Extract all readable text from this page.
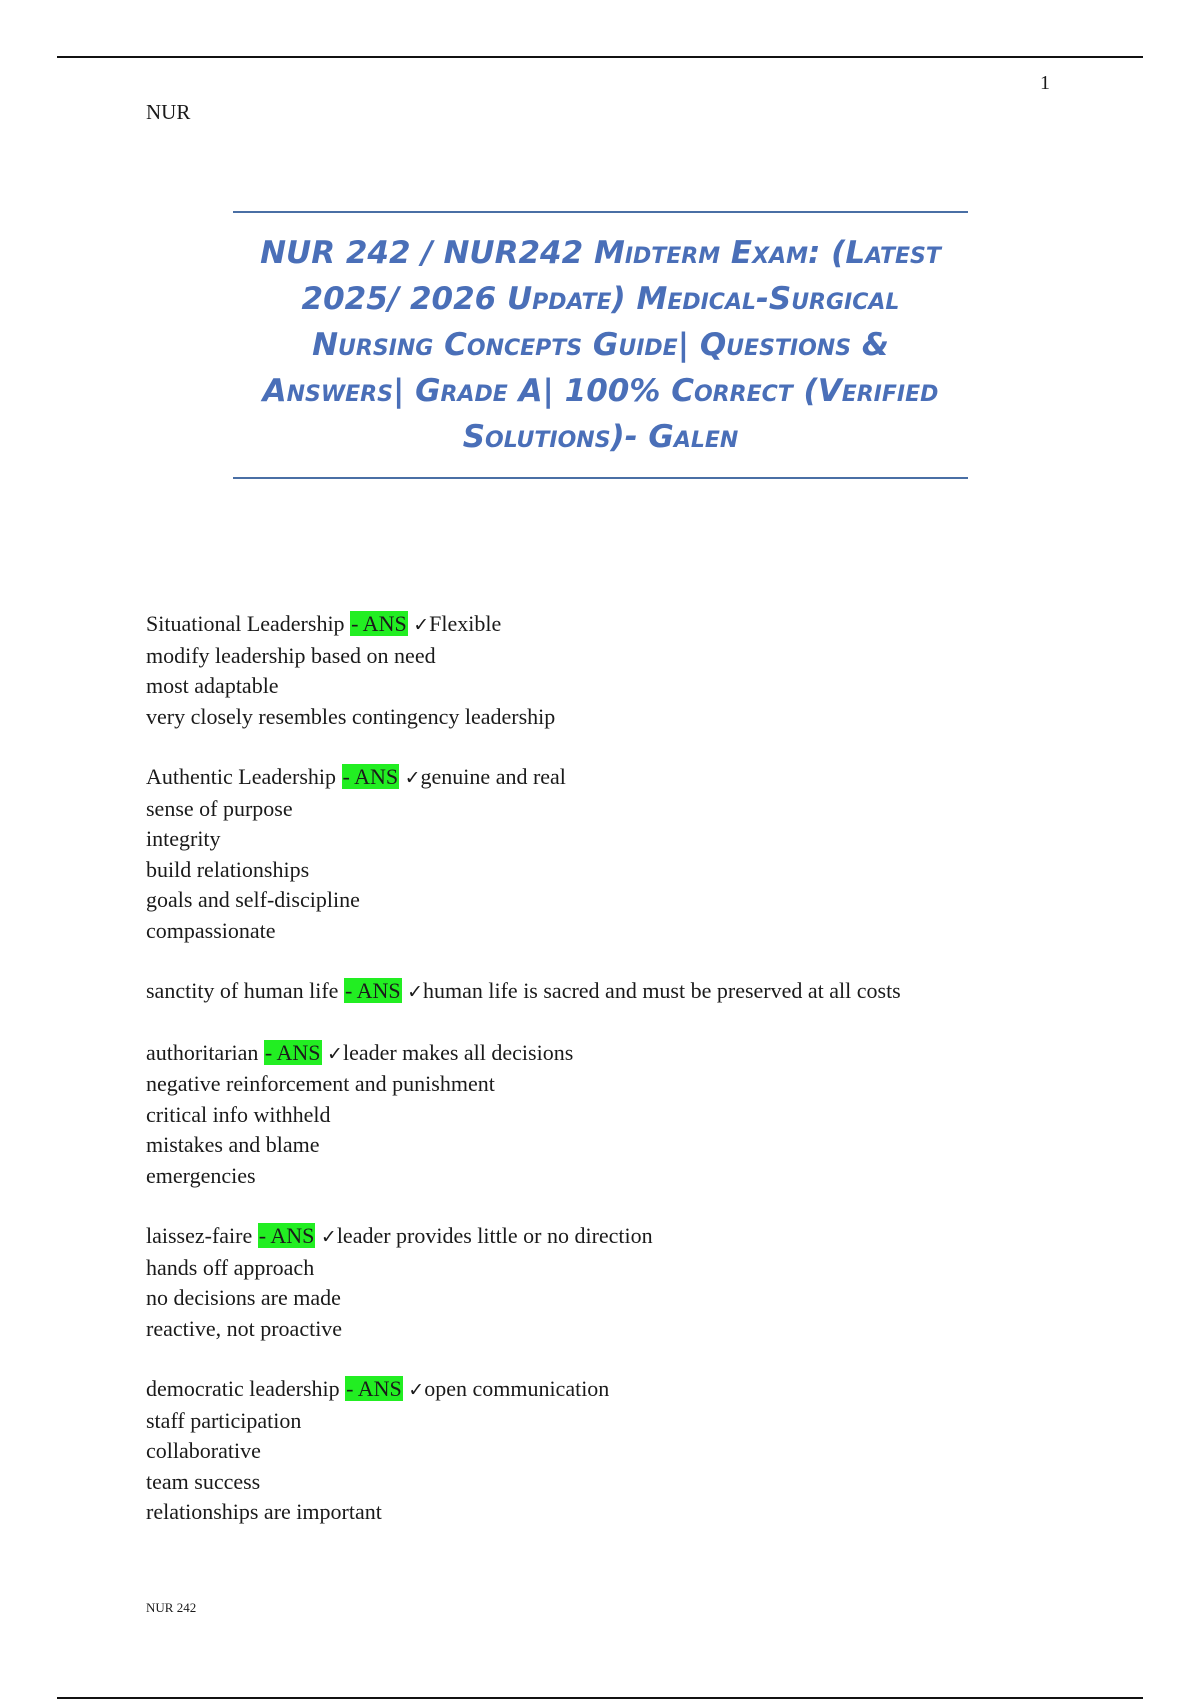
1
NUR
NUR 242 / NUR242 Midterm Exam: (Latest 2025/ 2026 Update) Medical-Surgical Nursing Concepts Guide| Questions & Answers| Grade A| 100% Correct (Verified Solutions)- Galen
Situational Leadership - ANS ✓Flexible
modify leadership based on need
most adaptable
very closely resembles contingency leadership
Authentic Leadership - ANS ✓genuine and real
sense of purpose
integrity
build relationships
goals and self-discipline
compassionate
sanctity of human life - ANS ✓human life is sacred and must be preserved at all costs
authoritarian - ANS ✓leader makes all decisions
negative reinforcement and punishment
critical info withheld
mistakes and blame
emergencies
laissez-faire - ANS ✓leader provides little or no direction
hands off approach
no decisions are made
reactive, not proactive
democratic leadership - ANS ✓open communication
staff participation
collaborative
team success
relationships are important
NUR 242
